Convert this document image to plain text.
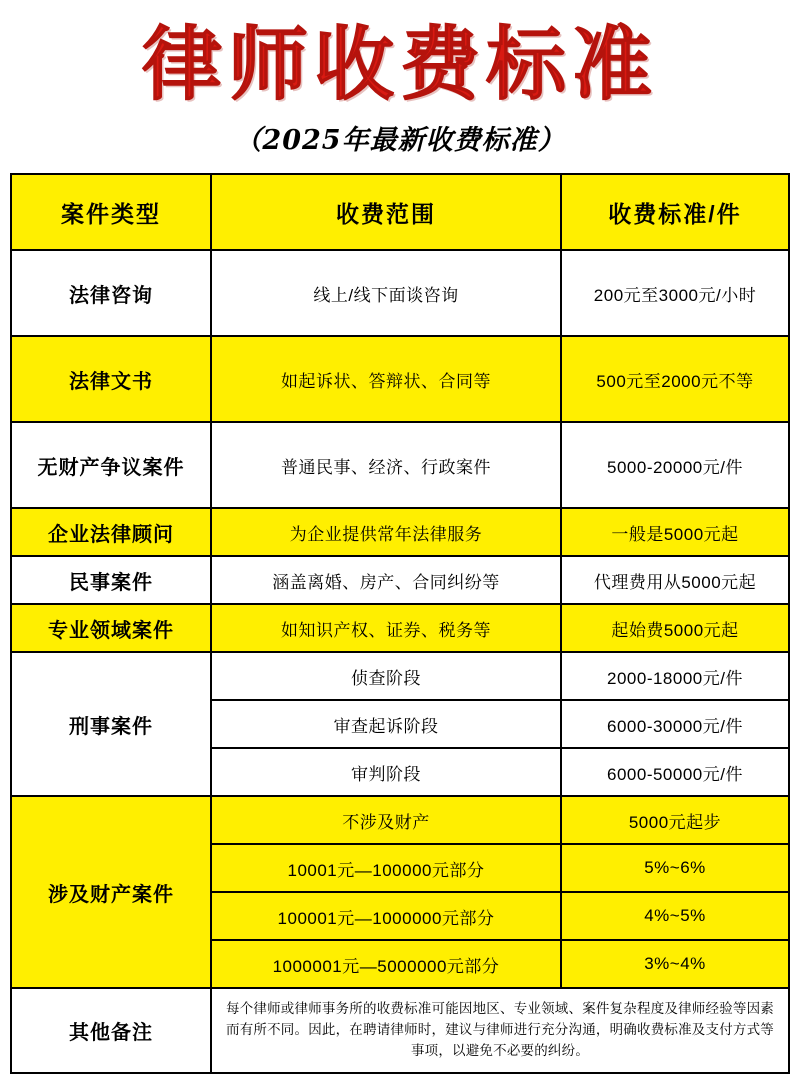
律师收费标准
（2025年最新收费标准）
案件类型	收费范围	收费标准/件
法律咨询	线上/线下面谈咨询	200元至3000元/小时
法律文书	如起诉状、答辩状、合同等	500元至2000元不等
无财产争议案件	普通民事、经济、行政案件	5000-20000元/件
企业法律顾问	为企业提供常年法律服务	一般是5000元起
民事案件	涵盖离婚、房产、合同纠纷等	代理费用从5000元起
专业领域案件	如知识产权、证券、税务等	起始费5000元起
刑事案件	侦查阶段	2000-18000元/件
	审查起诉阶段	6000-30000元/件
	审判阶段	6000-50000元/件
涉及财产案件	不涉及财产	5000元起步
	10001元—100000元部分	5%~6%
	100001元—1000000元部分	4%~5%
	1000001元—5000000元部分	3%~4%
其他备注	每个律师或律师事务所的收费标准可能因地区、专业领域、案件复杂程度及律师经验等因素而有所不同。因此，在聘请律师时，建议与律师进行充分沟通，明确收费标准及支付方式等事项，以避免不必要的纠纷。	
